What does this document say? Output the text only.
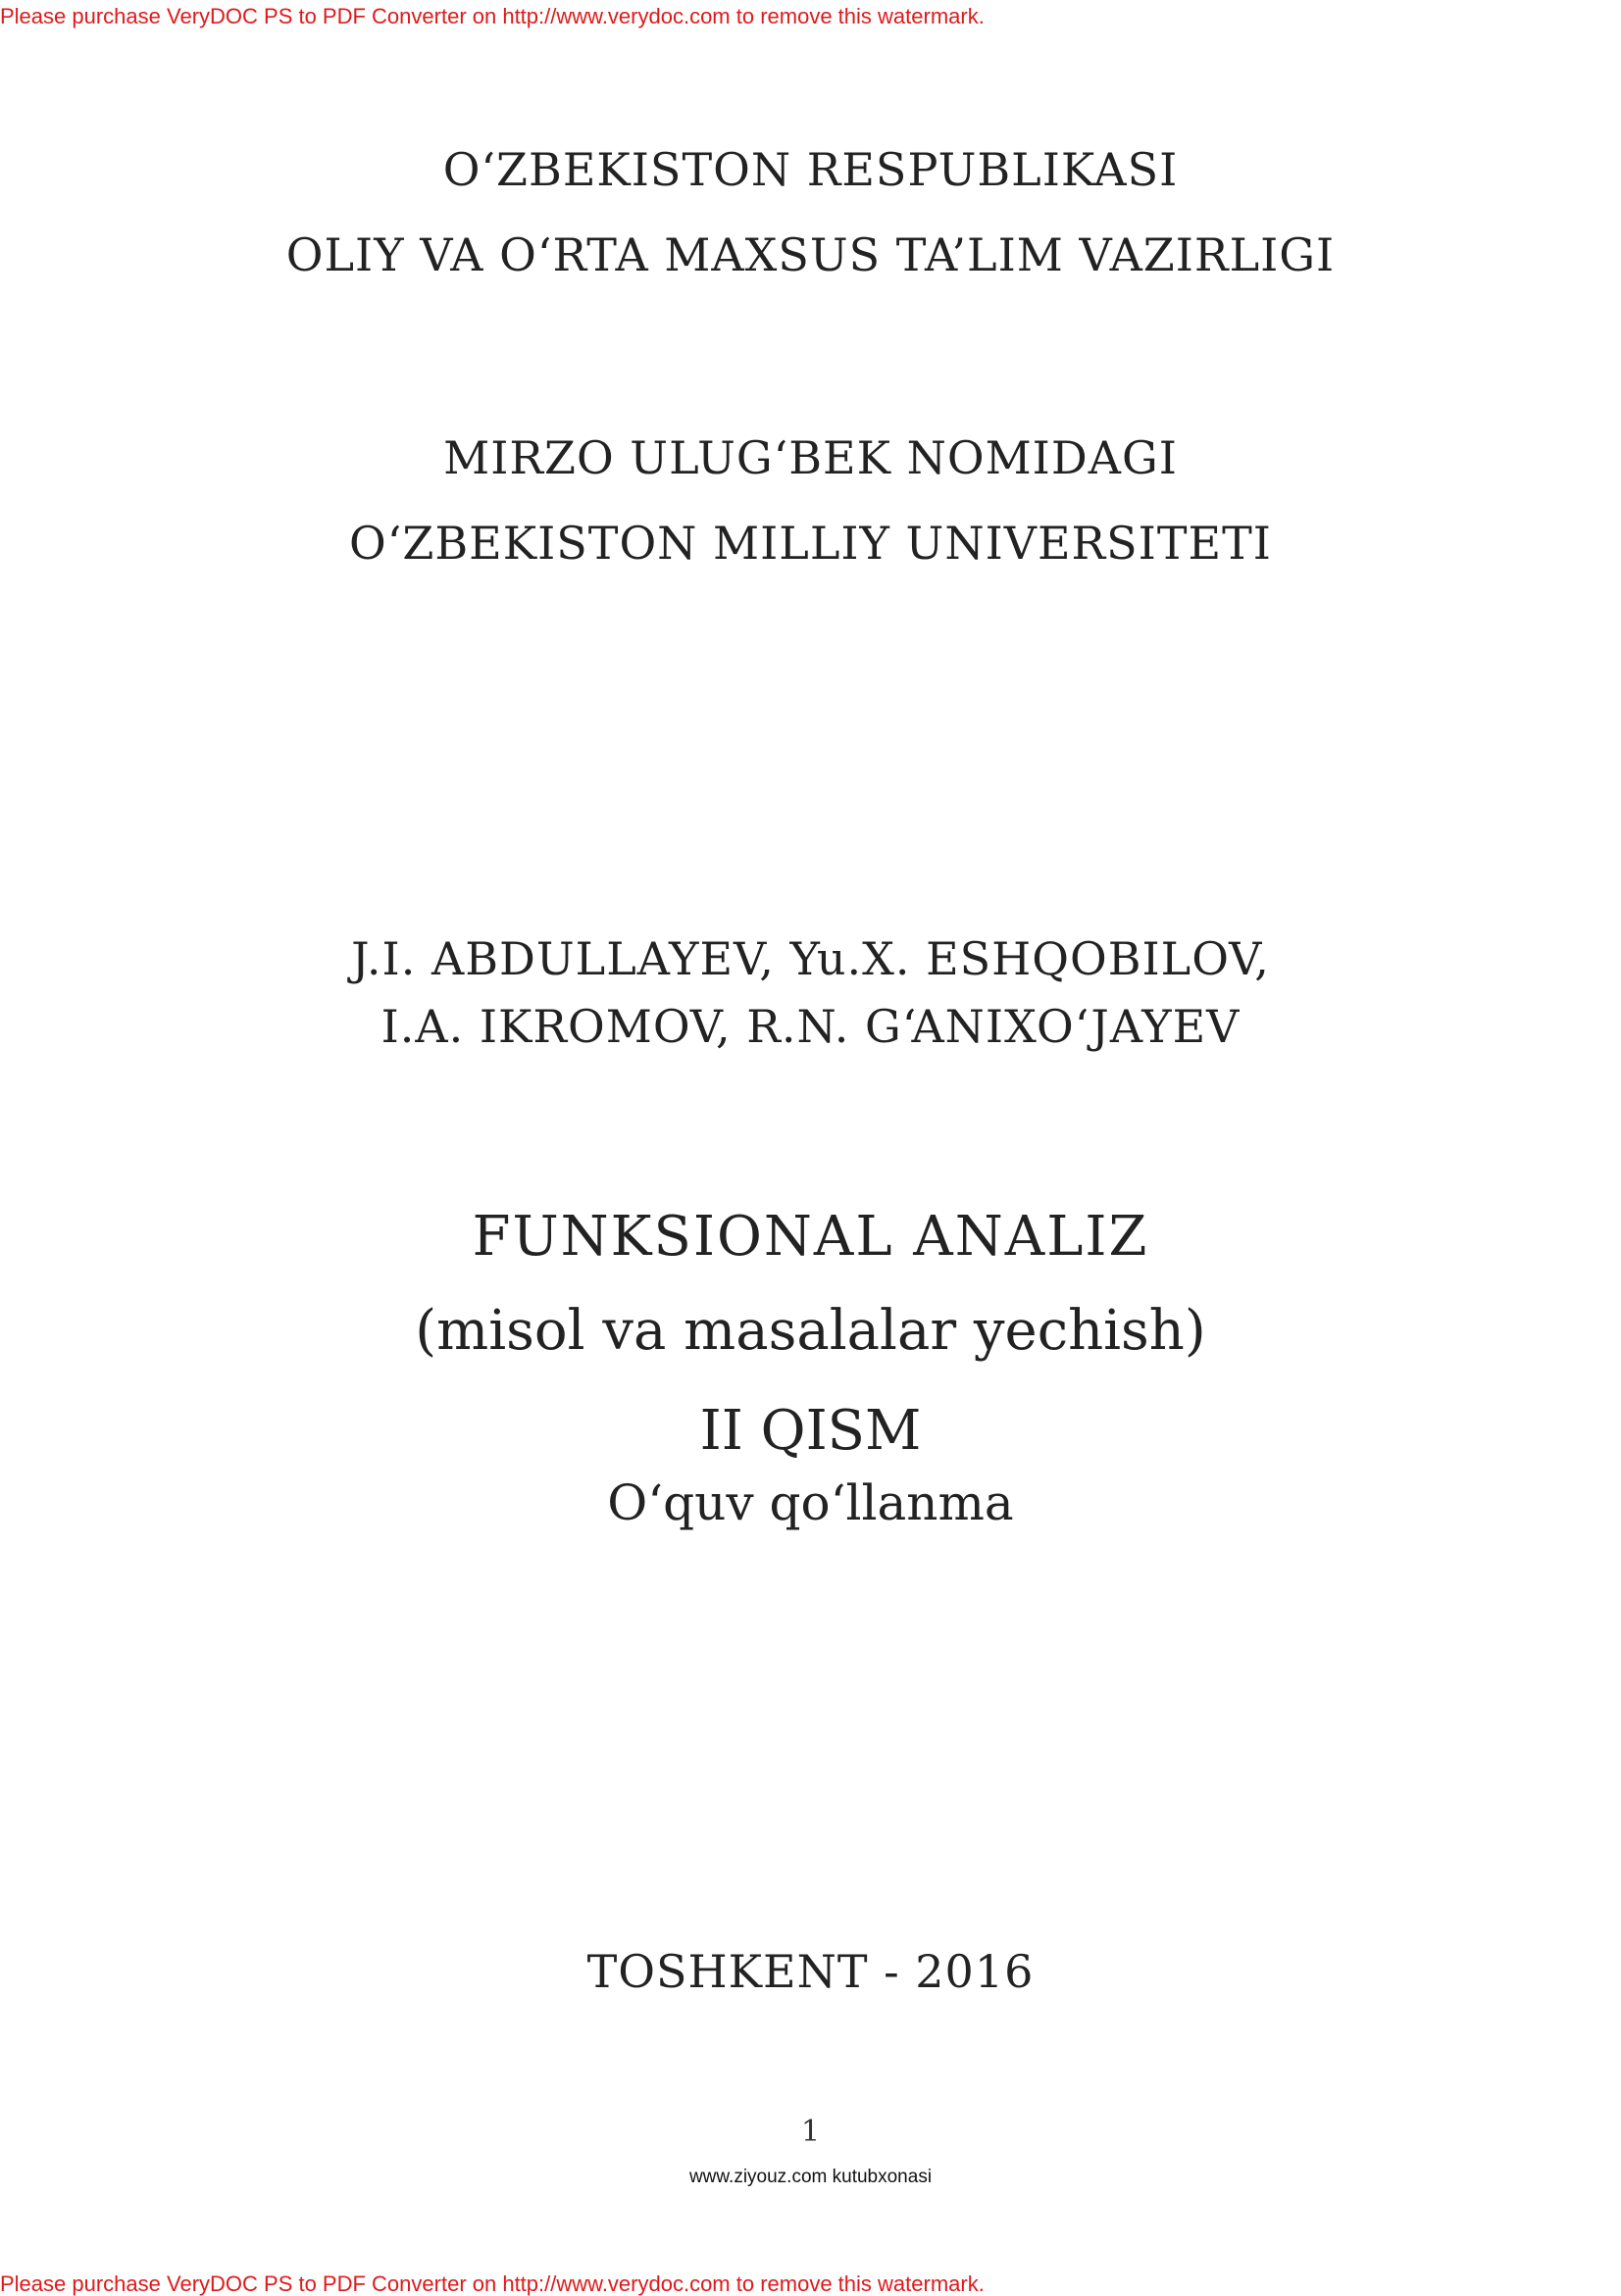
Please purchase VeryDOC PS to PDF Converter on http://www.verydoc.com to remove this watermark.
O‘ZBEKISTON RESPUBLIKASI
OLIY VA O‘RTA MAXSUS TA’LIM VAZIRLIGI
MIRZO ULUG‘BEK NOMIDAGI
O‘ZBEKISTON MILLIY UNIVERSITETI
J.I. ABDULLAYEV, Yu.X. ESHQOBILOV,
I.A. IKROMOV, R.N. G‘ANIXO‘JAYEV
FUNKSIONAL ANALIZ
(misol va masalalar yechish)
II QISM
O‘quv qo‘llanma
TOSHKENT - 2016
1
www.ziyouz.com kutubxonasi
Please purchase VeryDOC PS to PDF Converter on http://www.verydoc.com to remove this watermark.
